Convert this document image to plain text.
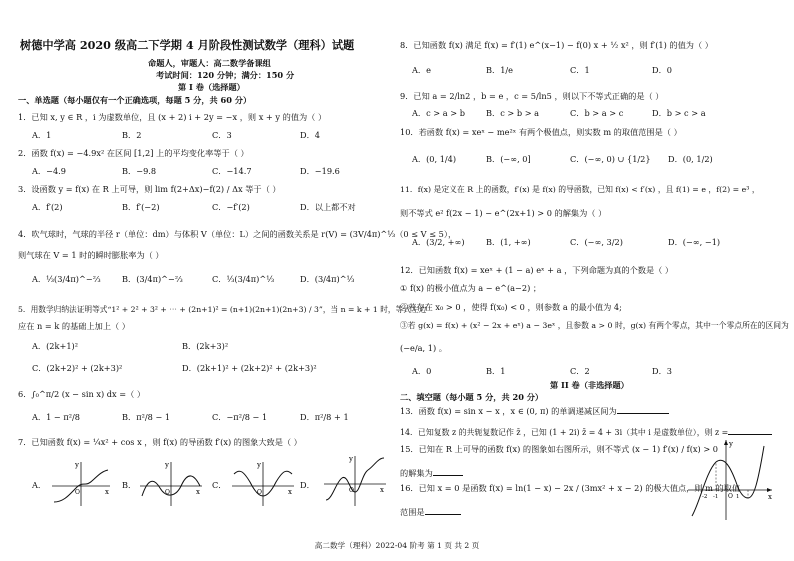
树德中学高 2020 级高二下学期 4 月阶段性测试数学（理科）试题
命题人，审题人：高二数学备课组
考试时间：120 分钟；满分：150 分
第 I 卷（选择题）
一、单选题（每小题仅有一个正确选项，每题 5 分，共 60 分）
1．已知 x, y ∈ R ，i 为虚数单位，且 (x + 2) i + 2y = −x ，则 x + y 的值为（ ）
A．1	B．2	C．3	D．4
2．函数 f(x) = −4.9x² 在区间 [1,2] 上的平均变化率等于（ ）
A．−4.9	B．−9.8	C．−14.7	D．−19.6
3．设函数 y = f(x) 在 R 上可导，则 lim f(2+Δx)−f(2) / Δx 等于（ ）
A．f′(2)	B．f′(−2)	C．−f′(2)	D．以上都不对
4．吹气球时，气球的半径 r（单位：dm）与体积 V（单位：L）之间的函数关系是 r(V) = (3V/4π)^⅓（0 ≤ V ≤ 5），
则气球在 V = 1 时的瞬时膨胀率为（ ）
A．⅓(3/4π)^−⅔	B．(3/4π)^−⅔	C．⅓(3/4π)^⅓	D．(3/4π)^⅓
5．用数学归纳法证明等式“1² + 2² + 3² + ⋯ + (2n+1)² = (n+1)(2n+1)(2n+3) / 3”，当 n = k + 1 时，等式左边
应在 n = k 的基础上加上（ ）
A．(2k+1)²	B．(2k+3)²
C．(2k+2)² + (2k+3)²	D．(2k+1)² + (2k+2)² + (2k+3)²
6．∫₀^π/2 (x − sin x) dx =（ ）
A．1 − π²/8	B．π²/8 − 1	C．−π²/8 − 1	D．π²/8 + 1
7．已知函数 f(x) = ¼x² + cos x ，则 f(x) 的导函数 f′(x) 的图象大致是（ ）
A．	B．	C．	D．
x
y
O	x
y
O	x
y
O	x
y
O
8．已知函数 f(x) 满足 f(x) = f′(1) e^(x−1) − f(0) x + ½ x² ，则 f′(1) 的值为（ ）
A．e	B．1/e	C．1	D．0
9．已知 a = 2/ln2 ，b = e ，c = 5/ln5 ，则以下不等式正确的是（ ）
A．c > a > b	B．c > b > a	C．b > a > c	D．b > c > a
10．若函数 f(x) = xeˣ − me²ˣ 有两个极值点，则实数 m 的取值范围是（ ）
A．(0, 1/4)	B．(−∞, 0]	C．(−∞, 0) ∪ {1/2} D．(0, 1/2)
11．f(x) 是定义在 R 上的函数，f′(x) 是 f(x) 的导函数，已知 f(x) < f′(x) ，且 f(1) = e ，f(2) = e³ ，
则不等式 e² f(2x − 1) − e^(2x+1) > 0 的解集为（ ）
A．(3/2, +∞)	B．(1, +∞)	C．(−∞, 3/2)	D．(−∞, −1)
12．已知函数 f(x) = xeˣ + (1 − a) eˣ + a ，下列命题为真的个数是（ ）
① f(x) 的极小值点为 a − e^(a−2) ；
②若存在 x₀ > 0 ，使得 f(x₀) < 0 ，则参数 a 的最小值为 4;
③若 g(x) = f(x) + (x² − 2x + eˣ) a − 3eˣ ，且参数 a > 0 时，g(x) 有两个零点，其中一个零点所在的区间为
(−e/a, 1) 。
A．0	B．1	C．2	D．3
第 II 卷（非选择题）
二、填空题（每小题 5 分，共 20 分）
13．函数 f(x) = sin x − x ，x ∈ (0, π) 的单调递减区间为
14．已知复数 z 的共轭复数记作 z̄ ，已知 (1 + 2i) z̄ = 4 + 3i（其中 i 是虚数单位），则 z =
15．已知在 R 上可导的函数 f(x) 的图象如右图所示，则不等式 (x − 1) f′(x) / f(x) > 0
的解集为
16．已知 x = 0 是函数 f(x) = ln(1 − x) − 2x / (3mx² + x − 2) 的极大值点，则 m 的取值
范围是
x
y
O
-2 -1	1
高二数学（理科）2022-04 阶考 第 1 页 共 2 页
